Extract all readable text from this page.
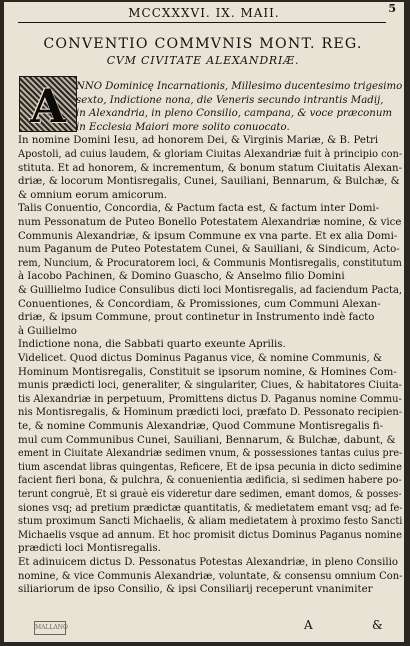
5
MCCXXXVI. IX. MAII.
CONVENTIO COMMVNIS MONT. REG.
CVM CIVITATE ALEXANDRIÆ.
A NNO Dominicę Incarnationis, Millesimo ducentesimo trigesimo
sexto, Indictione nona, die Veneris secundo intrantis Madij,
in Alexandria, in pleno Consilio, campana, & voce præconum
in Ecclesia Maiori more solito conuocato.
In nomine Domini Iesu, ad honorem Dei, & Virginis Mariæ, & B. Petri
Apostoli, ad cuius laudem, & gloriam Ciuitas Alexandriæ fuit à principio con-
stituta. Et ad honorem, & incrementum, & bonum statum Ciuitatis Alexan-
driæ, & locorum Montisregalis, Cunei, Sauiliani, Bennarum, & Bulchæ, &
& omnium eorum amicorum.
Talis Conuentio, Concordia, & Pactum facta est, & factum inter Domi-
num Pessonatum de Puteo Bonello Potestatem Alexandriæ nomine, & vice
Communis Alexandriæ, & ipsum Commune ex vna parte. Et ex alia Domi-
num Paganum de Puteo Potestatem Cunei, & Sauiliani, & Sindicum, Acto-
rem, Nuncium, & Procuratorem loci, & Communis Montisregalis, constitutum
à Iacobo Pachinen, & Domino Guascho, & Anselmo filio Domini
& Guillielmo Iudice Consulibus dicti loci Montisregalis, ad faciendum Pacta,
Conuentiones, & Concordiam, & Promissiones, cum Communi Alexan-
driæ, & ipsum Commune, prout continetur in Instrumento indè facto
à Guilielmo
Indictione nona, die Sabbati quarto exeunte Aprilis.
Videlicet. Quod dictus Dominus Paganus vice, & nomine Communis, &
Hominum Montisregalis, Constituit se ipsorum nomine, & Homines Com-
munis prædicti loci, generaliter, & singulariter, Ciues, & habitatores Ciuita-
tis Alexandriæ in perpetuum, Promittens dictus D. Paganus nomine Commu-
nis Montisregalis, & Hominum prædicti loci, præfato D. Pessonato recipien-
te, & nomine Communis Alexandriæ, Quod Commune Montisregalis fi-
mul cum Communibus Cunei, Sauiliani, Bennarum, & Bulchæ, dabunt, &
ement in Ciuitate Alexandriæ sedimen vnum, & possessiones tantas cuius pre-
tium ascendat libras quingentas, Reficere, Et de ipsa pecunia in dicto sedimine
facient fieri bona, & pulchra, & conuenientia ædificia, si sedimen habere po-
terunt congruè, Et si grauè eis videretur dare sedimen, emant domos, & posses-
siones vsq; ad pretium prædictæ quantitatis, & medietatem emant vsq; ad fe-
stum proximum Sancti Michaelis, & aliam medietatem à proximo festo Sancti
Michaelis vsque ad annum. Et hoc promisit dictus Dominus Paganus nomine
prædicti loci Montisregalis.
Et adinuicem dictus D. Pessonatus Potestas Alexandriæ, in pleno Consilio
nomine, & vice Communis Alexandriæ, voluntate, & consensu omnium Con-
siliariorum de ipso Consilio, & ipsi Consiliarij receperunt vnanimiter
MALLANO	A	&
